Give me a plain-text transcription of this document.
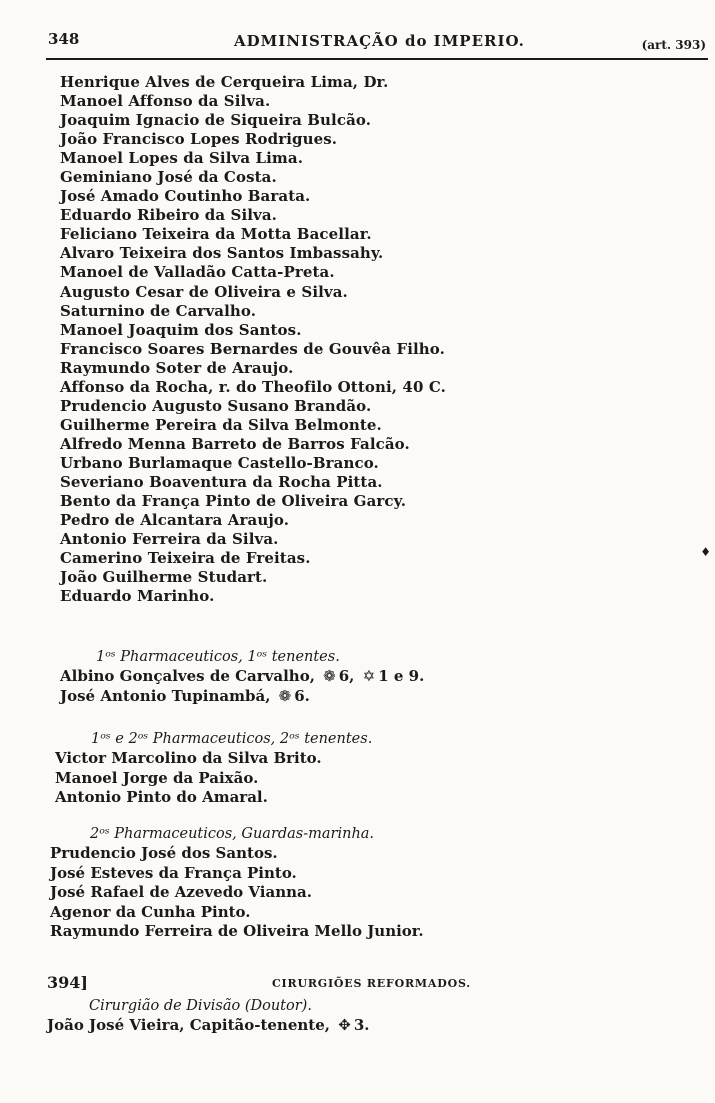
348	ADMINISTRAÇÃO do IMPERIO.	(art. 393)
Henrique Alves de Cerqueira Lima, Dr.
Manoel Affonso da Silva.
Joaquim Ignacio de Siqueira Bulcão.
João Francisco Lopes Rodrigues.
Manoel Lopes da Silva Lima.
Geminiano José da Costa.
José Amado Coutinho Barata.
Eduardo Ribeiro da Silva.
Feliciano Teixeira da Motta Bacellar.
Alvaro Teixeira dos Santos Imbassahy.
Manoel de Valladão Catta-Preta.
Augusto Cesar de Oliveira e Silva.
Saturnino de Carvalho.
Manoel Joaquim dos Santos.
Francisco Soares Bernardes de Gouvêa Filho.
Raymundo Soter de Araujo.
Affonso da Rocha, r. do Theofilo Ottoni, 40 C.
Prudencio Augusto Susano Brandão.
Guilherme Pereira da Silva Belmonte.
Alfredo Menna Barreto de Barros Falcão.
Urbano Burlamaque Castello-Branco.
Severiano Boaventura da Rocha Pitta.
Bento da França Pinto de Oliveira Garcy.
Pedro de Alcantara Araujo.
Antonio Ferreira da Silva.
Camerino Teixeira de Freitas.
João Guilherme Studart.
Eduardo Marinho.
1ᵒˢ Pharmaceuticos, 1ᵒˢ tenentes.
Albino Gonçalves de Carvalho, ❁ 6, ✡ 1 e 9.
José Antonio Tupinambá, ❁ 6.
1ᵒˢ e 2ᵒˢ Pharmaceuticos, 2ᵒˢ tenentes.
Victor Marcolino da Silva Brito.
Manoel Jorge da Paixão.
Antonio Pinto do Amaral.
2ᵒˢ Pharmaceuticos, Guardas-marinha.
Prudencio José dos Santos.
José Esteves da França Pinto.
José Rafael de Azevedo Vianna.
Agenor da Cunha Pinto.
Raymundo Ferreira de Oliveira Mello Junior.
394]	CIRURGIÕES REFORMADOS.
Cirurgião de Divisão (Doutor).
João José Vieira, Capitão-tenente, ✥ 3.
♦
